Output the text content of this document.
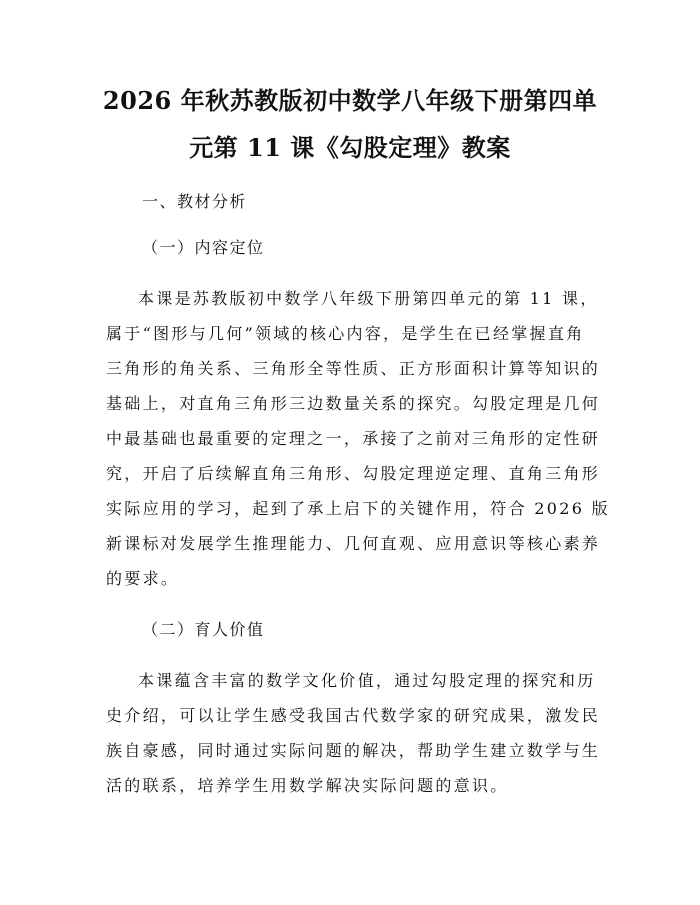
2026 年秋苏教版初中数学八年级下册第四单
元第 11 课《勾股定理》教案
一、教材分析
（一）内容定位
本课是苏教版初中数学八年级下册第四单元的第 11 课，
属于“图形与几何”领域的核心内容，是学生在已经掌握直角
三角形的角关系、三角形全等性质、正方形面积计算等知识的
基础上，对直角三角形三边数量关系的探究。勾股定理是几何
中最基础也最重要的定理之一，承接了之前对三角形的定性研
究，开启了后续解直角三角形、勾股定理逆定理、直角三角形
实际应用的学习，起到了承上启下的关键作用，符合 2026 版
新课标对发展学生推理能力、几何直观、应用意识等核心素养
的要求。
（二）育人价值
本课蕴含丰富的数学文化价值，通过勾股定理的探究和历
史介绍，可以让学生感受我国古代数学家的研究成果，激发民
族自豪感，同时通过实际问题的解决，帮助学生建立数学与生
活的联系，培养学生用数学解决实际问题的意识。
